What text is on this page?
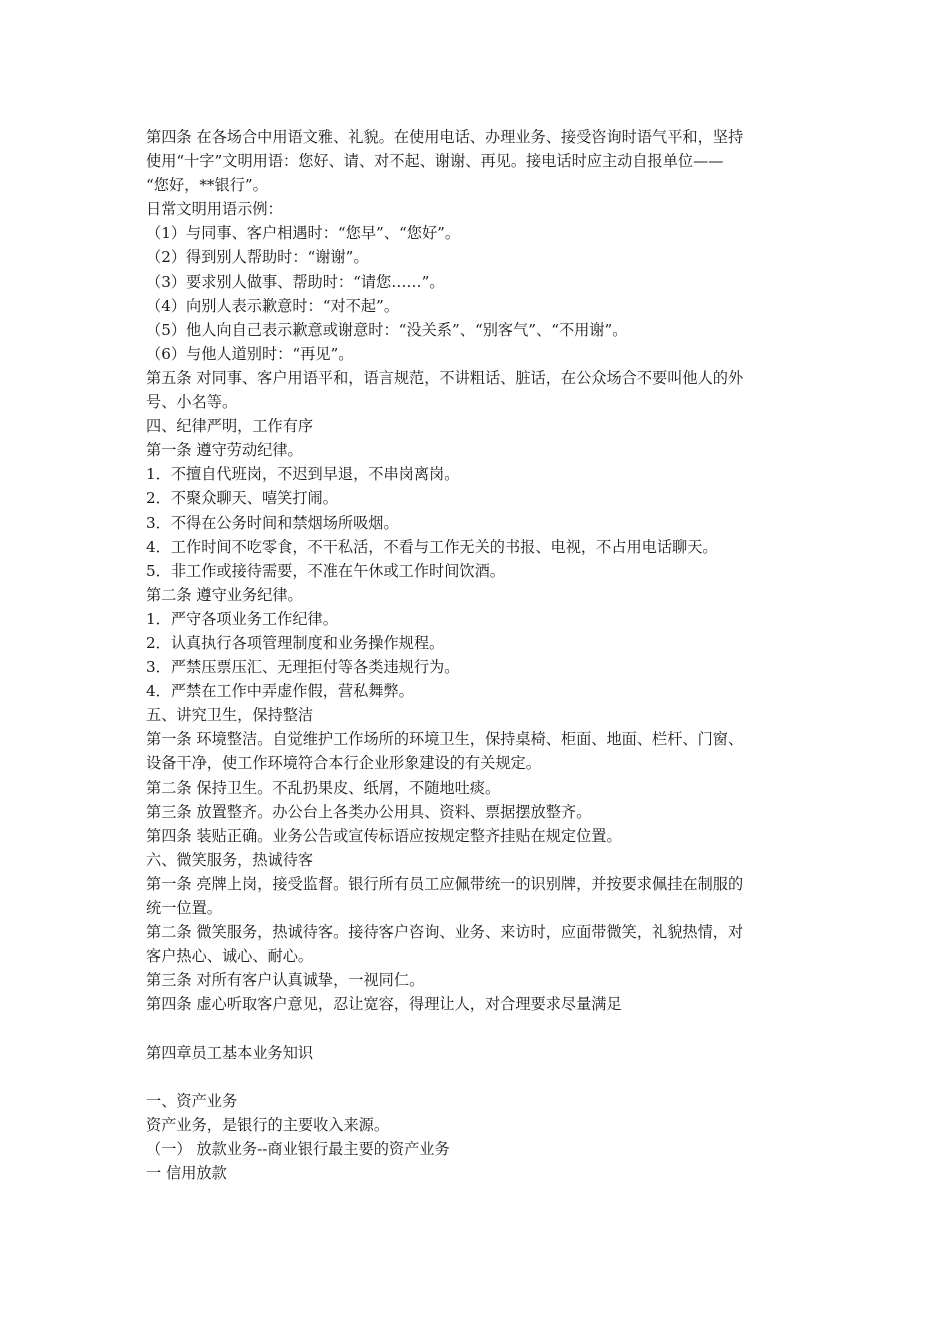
第四条 在各场合中用语文雅、礼貌。在使用电话、办理业务、接受咨询时语气平和，坚持
使用“十字”文明用语：您好、请、对不起、谢谢、再见。接电话时应主动自报单位——
“您好，**银行”。
日常文明用语示例：
（1）与同事、客户相遇时：“您早”、“您好”。
（2）得到别人帮助时：“谢谢”。
（3）要求别人做事、帮助时：“请您……”。
（4）向别人表示歉意时：“对不起”。
（5）他人向自己表示歉意或谢意时：“没关系”、“别客气”、“不用谢”。
（6）与他人道别时：“再见”。
第五条 对同事、客户用语平和，语言规范，不讲粗话、脏话，在公众场合不要叫他人的外
号、小名等。
四、纪律严明，工作有序
第一条 遵守劳动纪律。
1．不擅自代班岗，不迟到早退，不串岗离岗。
2．不聚众聊天、嘻笑打闹。
3．不得在公务时间和禁烟场所吸烟。
4．工作时间不吃零食，不干私活，不看与工作无关的书报、电视，不占用电话聊天。
5．非工作或接待需要，不准在午休或工作时间饮酒。
第二条 遵守业务纪律。
1．严守各项业务工作纪律。
2．认真执行各项管理制度和业务操作规程。
3．严禁压票压汇、无理拒付等各类违规行为。
4．严禁在工作中弄虚作假，营私舞弊。
五、讲究卫生，保持整洁
第一条 环境整洁。自觉维护工作场所的环境卫生，保持桌椅、柜面、地面、栏杆、门窗、
设备干净，使工作环境符合本行企业形象建设的有关规定。
第二条 保持卫生。不乱扔果皮、纸屑，不随地吐痰。
第三条 放置整齐。办公台上各类办公用具、资料、票据摆放整齐。
第四条 装贴正确。业务公告或宣传标语应按规定整齐挂贴在规定位置。
六、微笑服务，热诚待客
第一条 亮牌上岗，接受监督。银行所有员工应佩带统一的识别牌，并按要求佩挂在制服的
统一位置。
第二条 微笑服务，热诚待客。接待客户咨询、业务、来访时，应面带微笑，礼貌热情，对
客户热心、诚心、耐心。
第三条 对所有客户认真诚挚，一视同仁。
第四条 虚心听取客户意见，忍让宽容，得理让人，对合理要求尽量满足
第四章员工基本业务知识
一、资产业务
资产业务，是银行的主要收入来源。
（一） 放款业务--商业银行最主要的资产业务
一 信用放款
